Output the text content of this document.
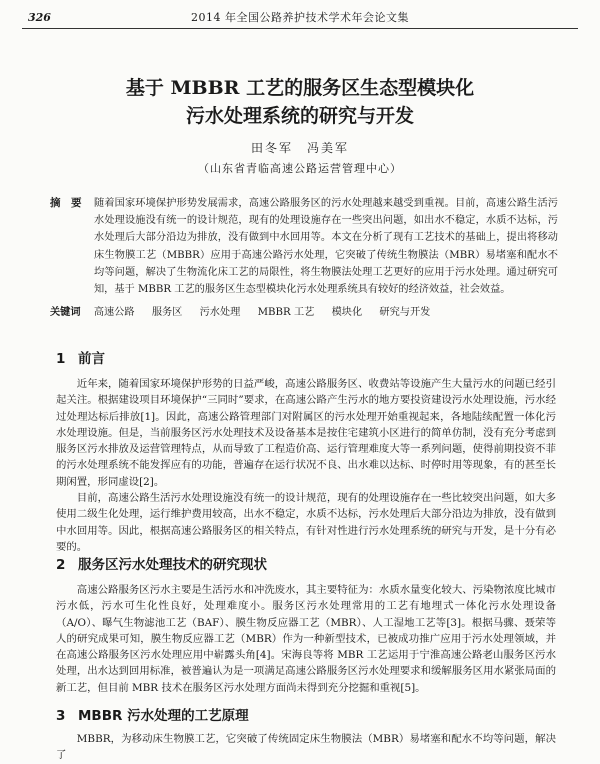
326	2014 年全国公路养护技术学术年会论文集
基于 MBBR 工艺的服务区生态型模块化
污水处理系统的研究与开发
田冬军　冯美军
（山东省青临高速公路运营管理中心）
摘　要 随着国家环境保护形势发展需求，高速公路服务区的污水处理越来越受到重视。目前，高速公路生活污水处理设施没有统一的设计规范，现有的处理设施存在一些突出问题，如出水不稳定，水质不达标，污水处理后大部分沿边为排放，没有做到中水回用等。本文在分析了现有工艺技术的基础上，提出将移动床生物膜工艺（MBBR）应用于高速公路污水处理，它突破了传统生物膜法（MBR）易堵塞和配水不均等问题，解决了生物流化床工艺的局限性，将生物膜法处理工艺更好的应用于污水处理。通过研究可知，基于 MBBR 工艺的服务区生态型模块化污水处理系统具有较好的经济效益，社会效益。
关键词 高速公路 服务区 污水处理 MBBR 工艺 模块化 研究与开发
1 前言

近年来，随着国家环境保护形势的日益严峻，高速公路服务区、收费站等设施产生大量污水的问题已经引起关注。根据建设项目环境保护“三同时”要求，在高速公路产生污水的地方要投资建设污水处理设施，污水经过处理达标后排放[1]。因此，高速公路管理部门对附属区的污水处理开始重视起来，各地陆续配置一体化污水处理设施。但是，当前服务区污水处理技术及设备基本是按住宅建筑小区进行的简单仿制，没有充分考虑到服务区污水排放及运营管理特点，从而导致了工程造价高、运行管理难度大等一系列问题，使得前期投资不菲的污水处理系统不能发挥应有的功能，普遍存在运行状况不良、出水难以达标、时停时用等现象，有的甚至长期闲置，形同虚设[2]。

目前，高速公路生活污水处理设施没有统一的设计规范，现有的处理设施存在一些比较突出问题，如大多使用二级生化处理，运行维护费用较高，出水不稳定，水质不达标，污水处理后大部分沿边为排放，没有做到中水回用等。因此，根据高速公路服务区的相关特点，有针对性进行污水处理系统的研究与开发，是十分有必要的。

2 服务区污水处理技术的研究现状

高速公路服务区污水主要是生活污水和冲洗废水，其主要特征为：水质水量变化较大、污染物浓度比城市污水低，污水可生化性良好，处理难度小。服务区污水处理常用的工艺有地埋式一体化污水处理设备（A/O）、曝气生物滤池工艺（BAF）、膜生物反应器工艺（MBR）、人工湿地工艺等[3]。根据马骤、聂荣等人的研究成果可知，膜生物反应器工艺（MBR）作为一种新型技术，已被成功推广应用于污水处理领域，并在高速公路服务区污水处理应用中崭露头角[4]。宋海良等将 MBR 工艺运用于宁淮高速公路老山服务区污水处理，出水达到回用标准，被普遍认为是一项满足高速公路服务区污水处理要求和缓解服务区用水紧张局面的新工艺，但目前 MBR 技术在服务区污水处理方面尚未得到充分挖掘和重视[5]。

3 MBBR 污水处理的工艺原理

MBBR，为移动床生物膜工艺，它突破了传统固定床生物膜法（MBR）易堵塞和配水不均等问题，解决了
